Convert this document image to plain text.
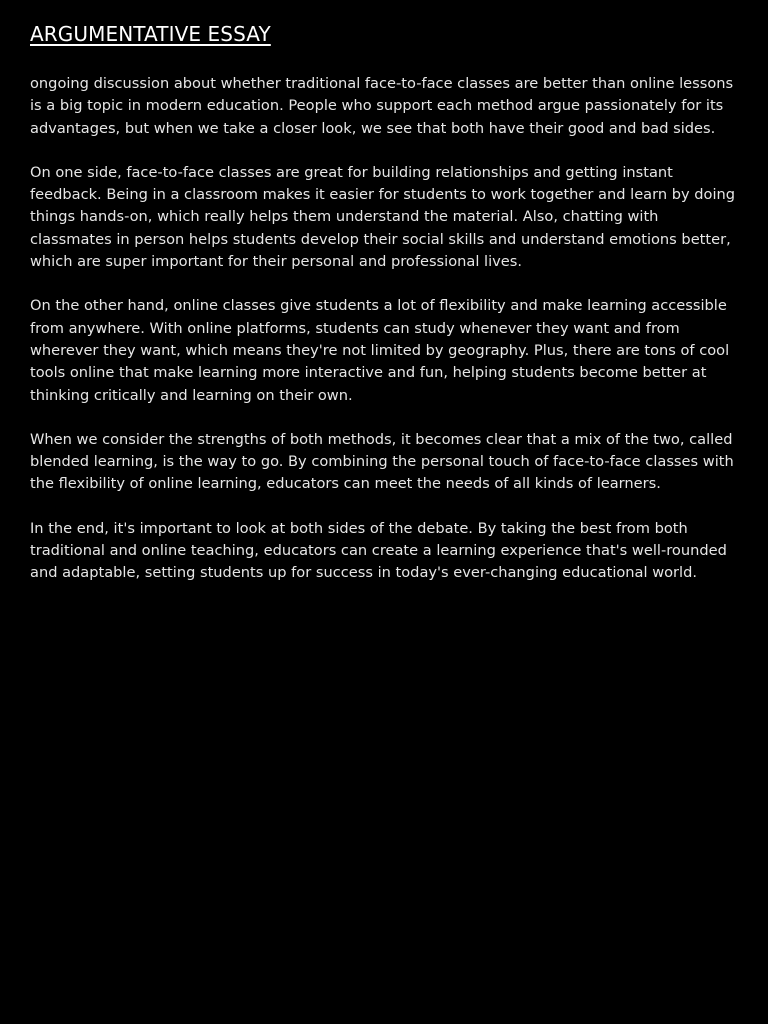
ARGUMENTATIVE ESSAY

ongoing discussion about whether traditional face-to-face classes are better than online lessons is a big topic in modern education. People who support each method argue passionately for its advantages, but when we take a closer look, we see that both have their good and bad sides.

On one side, face-to-face classes are great for building relationships and getting instant feedback. Being in a classroom makes it easier for students to work together and learn by doing things hands-on, which really helps them understand the material. Also, chatting with classmates in person helps students develop their social skills and understand emotions better, which are super important for their personal and professional lives.

On the other hand, online classes give students a lot of flexibility and make learning accessible from anywhere. With online platforms, students can study whenever they want and from wherever they want, which means they're not limited by geography. Plus, there are tons of cool tools online that make learning more interactive and fun, helping students become better at thinking critically and learning on their own.

When we consider the strengths of both methods, it becomes clear that a mix of the two, called blended learning, is the way to go. By combining the personal touch of face-to-face classes with the flexibility of online learning, educators can meet the needs of all kinds of learners.

In the end, it's important to look at both sides of the debate. By taking the best from both traditional and online teaching, educators can create a learning experience that's well-rounded and adaptable, setting students up for success in today's ever-changing educational world.
